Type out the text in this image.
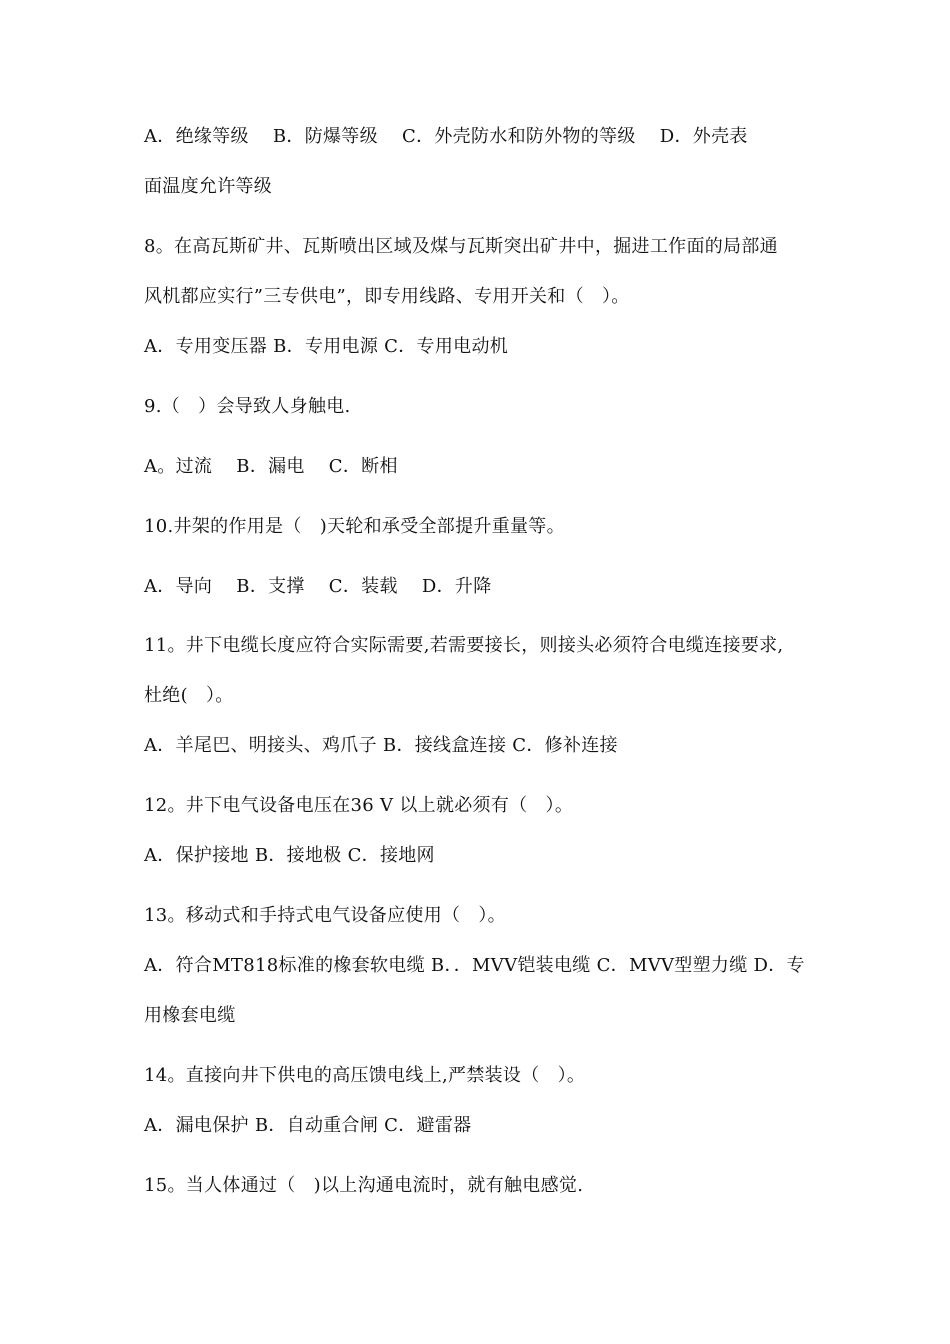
A．绝缘等级    B．防爆等级    C．外壳防水和防外物的等级    D．外壳表
面温度允许等级
8。在高瓦斯矿井、瓦斯喷出区域及煤与瓦斯突出矿井中，掘进工作面的局部通
风机都应实行”三专供电”，即专用线路、专用开关和（   ）。
A．专用变压器 B．专用电源 C．专用电动机
9.（   ）会导致人身触电.
A。过流    B．漏电    C．断相
10.井架的作用是（   )天轮和承受全部提升重量等。
A．导向    B．支撑    C．装载    D．升降
11。井下电缆长度应符合实际需要,若需要接长，则接头必须符合电缆连接要求,
杜绝(   ）。
A．羊尾巴、明接头、鸡爪子 B．接线盒连接 C．修补连接
12。井下电气设备电压在36 V 以上就必须有（   ）。
A．保护接地 B．接地极 C．接地网
13。移动式和手持式电气设备应使用（   ）。
A．符合MT818标准的橡套软电缆 B．．MVV铠装电缆 C．MVV型塑力缆 D．专
用橡套电缆
14。直接向井下供电的高压馈电线上,严禁装设（   ）。
A．漏电保护 B．自动重合闸 C．避雷器
15。当人体通过（   )以上沟通电流时，就有触电感觉.
